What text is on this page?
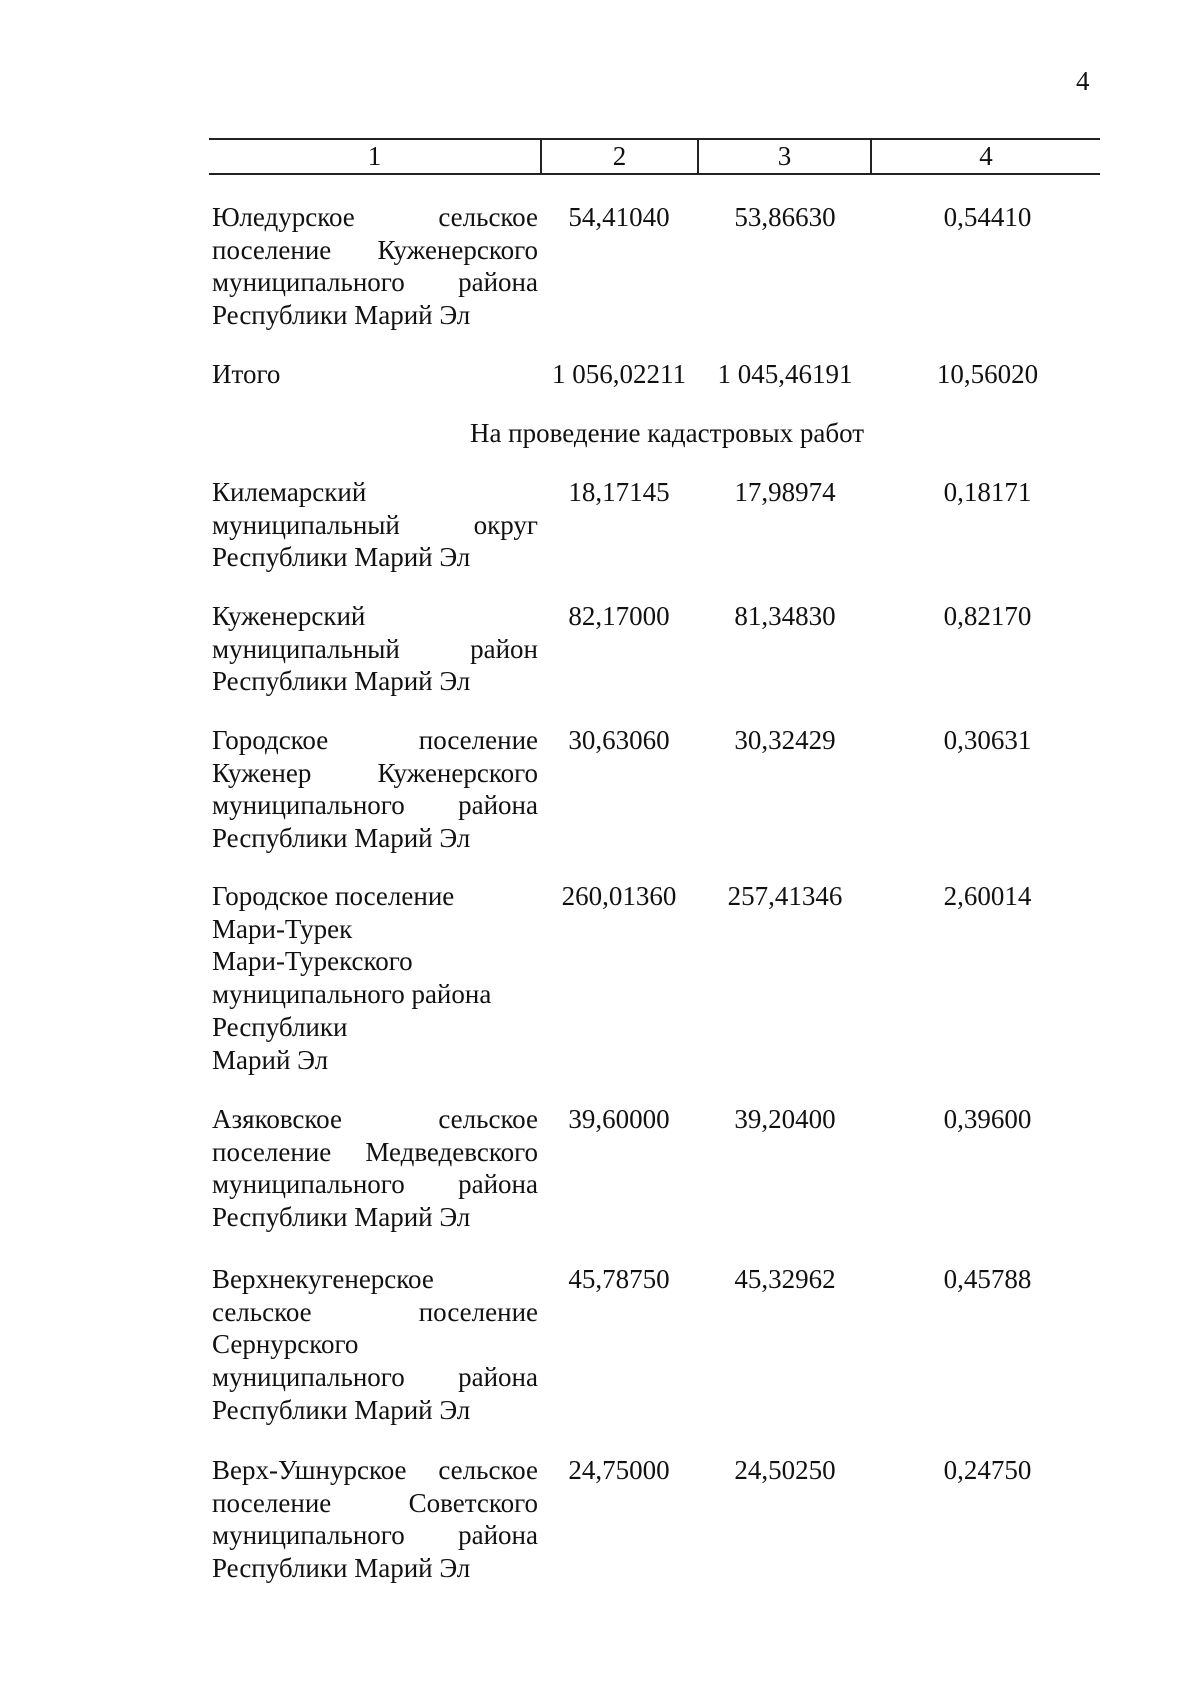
4
1	2	3	4
Юледурское сельское поселение Куженерского муниципального района Республики Марий Эл
54,41040	53,86630	0,54410
Итого	1 056,02211	1 045,46191	10,56020
На проведение кадастровых работ
Килемарский муниципальный округ Республики Марий Эл
18,17145	17,98974	0,18171
Куженерский муниципальный район Республики Марий Эл
82,17000	81,34830	0,82170
Городское поселение Куженер Куженерского муниципального района Республики Марий Эл
30,63060	30,32429	0,30631
Городское поселение
Мари-Турек
Мари-Турекского
муниципального района
Республики
Марий Эл
260,01360	257,41346	2,60014
Азяковское сельское поселение Медведевского муниципального района Республики Марий Эл
39,60000	39,20400	0,39600
Верхнекугенерское
сельское поселение
Сернурского
муниципального района
Республики Марий Эл
45,78750	45,32962	0,45788
Верх-Ушнурское сельское поселение Советского муниципального района Республики Марий Эл
24,75000	24,50250	0,24750
